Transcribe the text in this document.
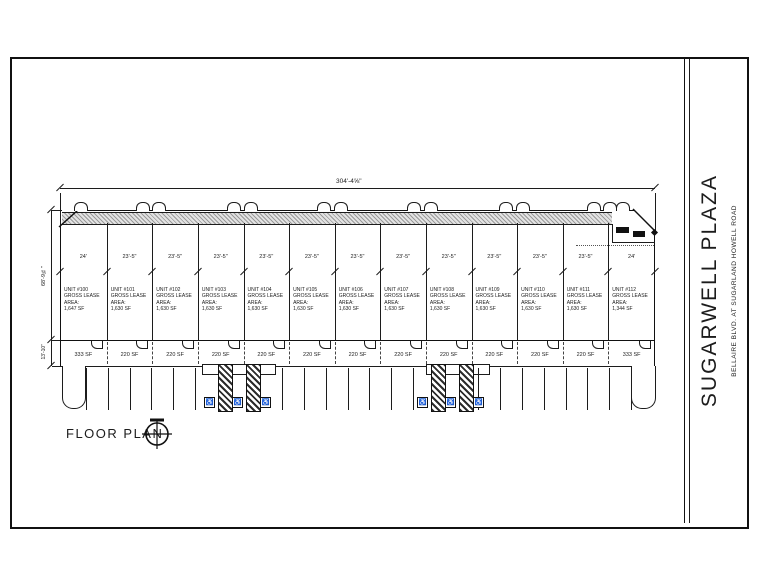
SUGARWELL PLAZA BELLAIRE BLVD. AT SUGARLAND HOWELL ROAD
304'-4⅝"
68'-9⅝"
13'-10"
FLOOR PLAN
24'
UNIT #100
GROSS LEASE
AREA:
1,647 SF
333 SF
23'-5"
UNIT #101
GROSS LEASE
AREA:
1,630 SF
220 SF
23'-5"
UNIT #102
GROSS LEASE
AREA:
1,630 SF
220 SF
23'-5"
UNIT #103
GROSS LEASE
AREA:
1,630 SF
220 SF
23'-5"
UNIT #104
GROSS LEASE
AREA:
1,630 SF
220 SF
23'-5"
UNIT #105
GROSS LEASE
AREA:
1,630 SF
220 SF
23'-5"
UNIT #106
GROSS LEASE
AREA:
1,630 SF
220 SF
23'-5"
UNIT #107
GROSS LEASE
AREA:
1,630 SF
220 SF
23'-5"
UNIT #108
GROSS LEASE
AREA:
1,630 SF
220 SF
23'-5"
UNIT #109
GROSS LEASE
AREA:
1,630 SF
220 SF
23'-5"
UNIT #110
GROSS LEASE
AREA:
1,630 SF
220 SF
23'-5"
UNIT #111
GROSS LEASE
AREA:
1,630 SF
220 SF
24'
UNIT #112
GROSS LEASE
AREA:
1,344 SF
333 SF
♿	♿	♿	♿	♿	♿
